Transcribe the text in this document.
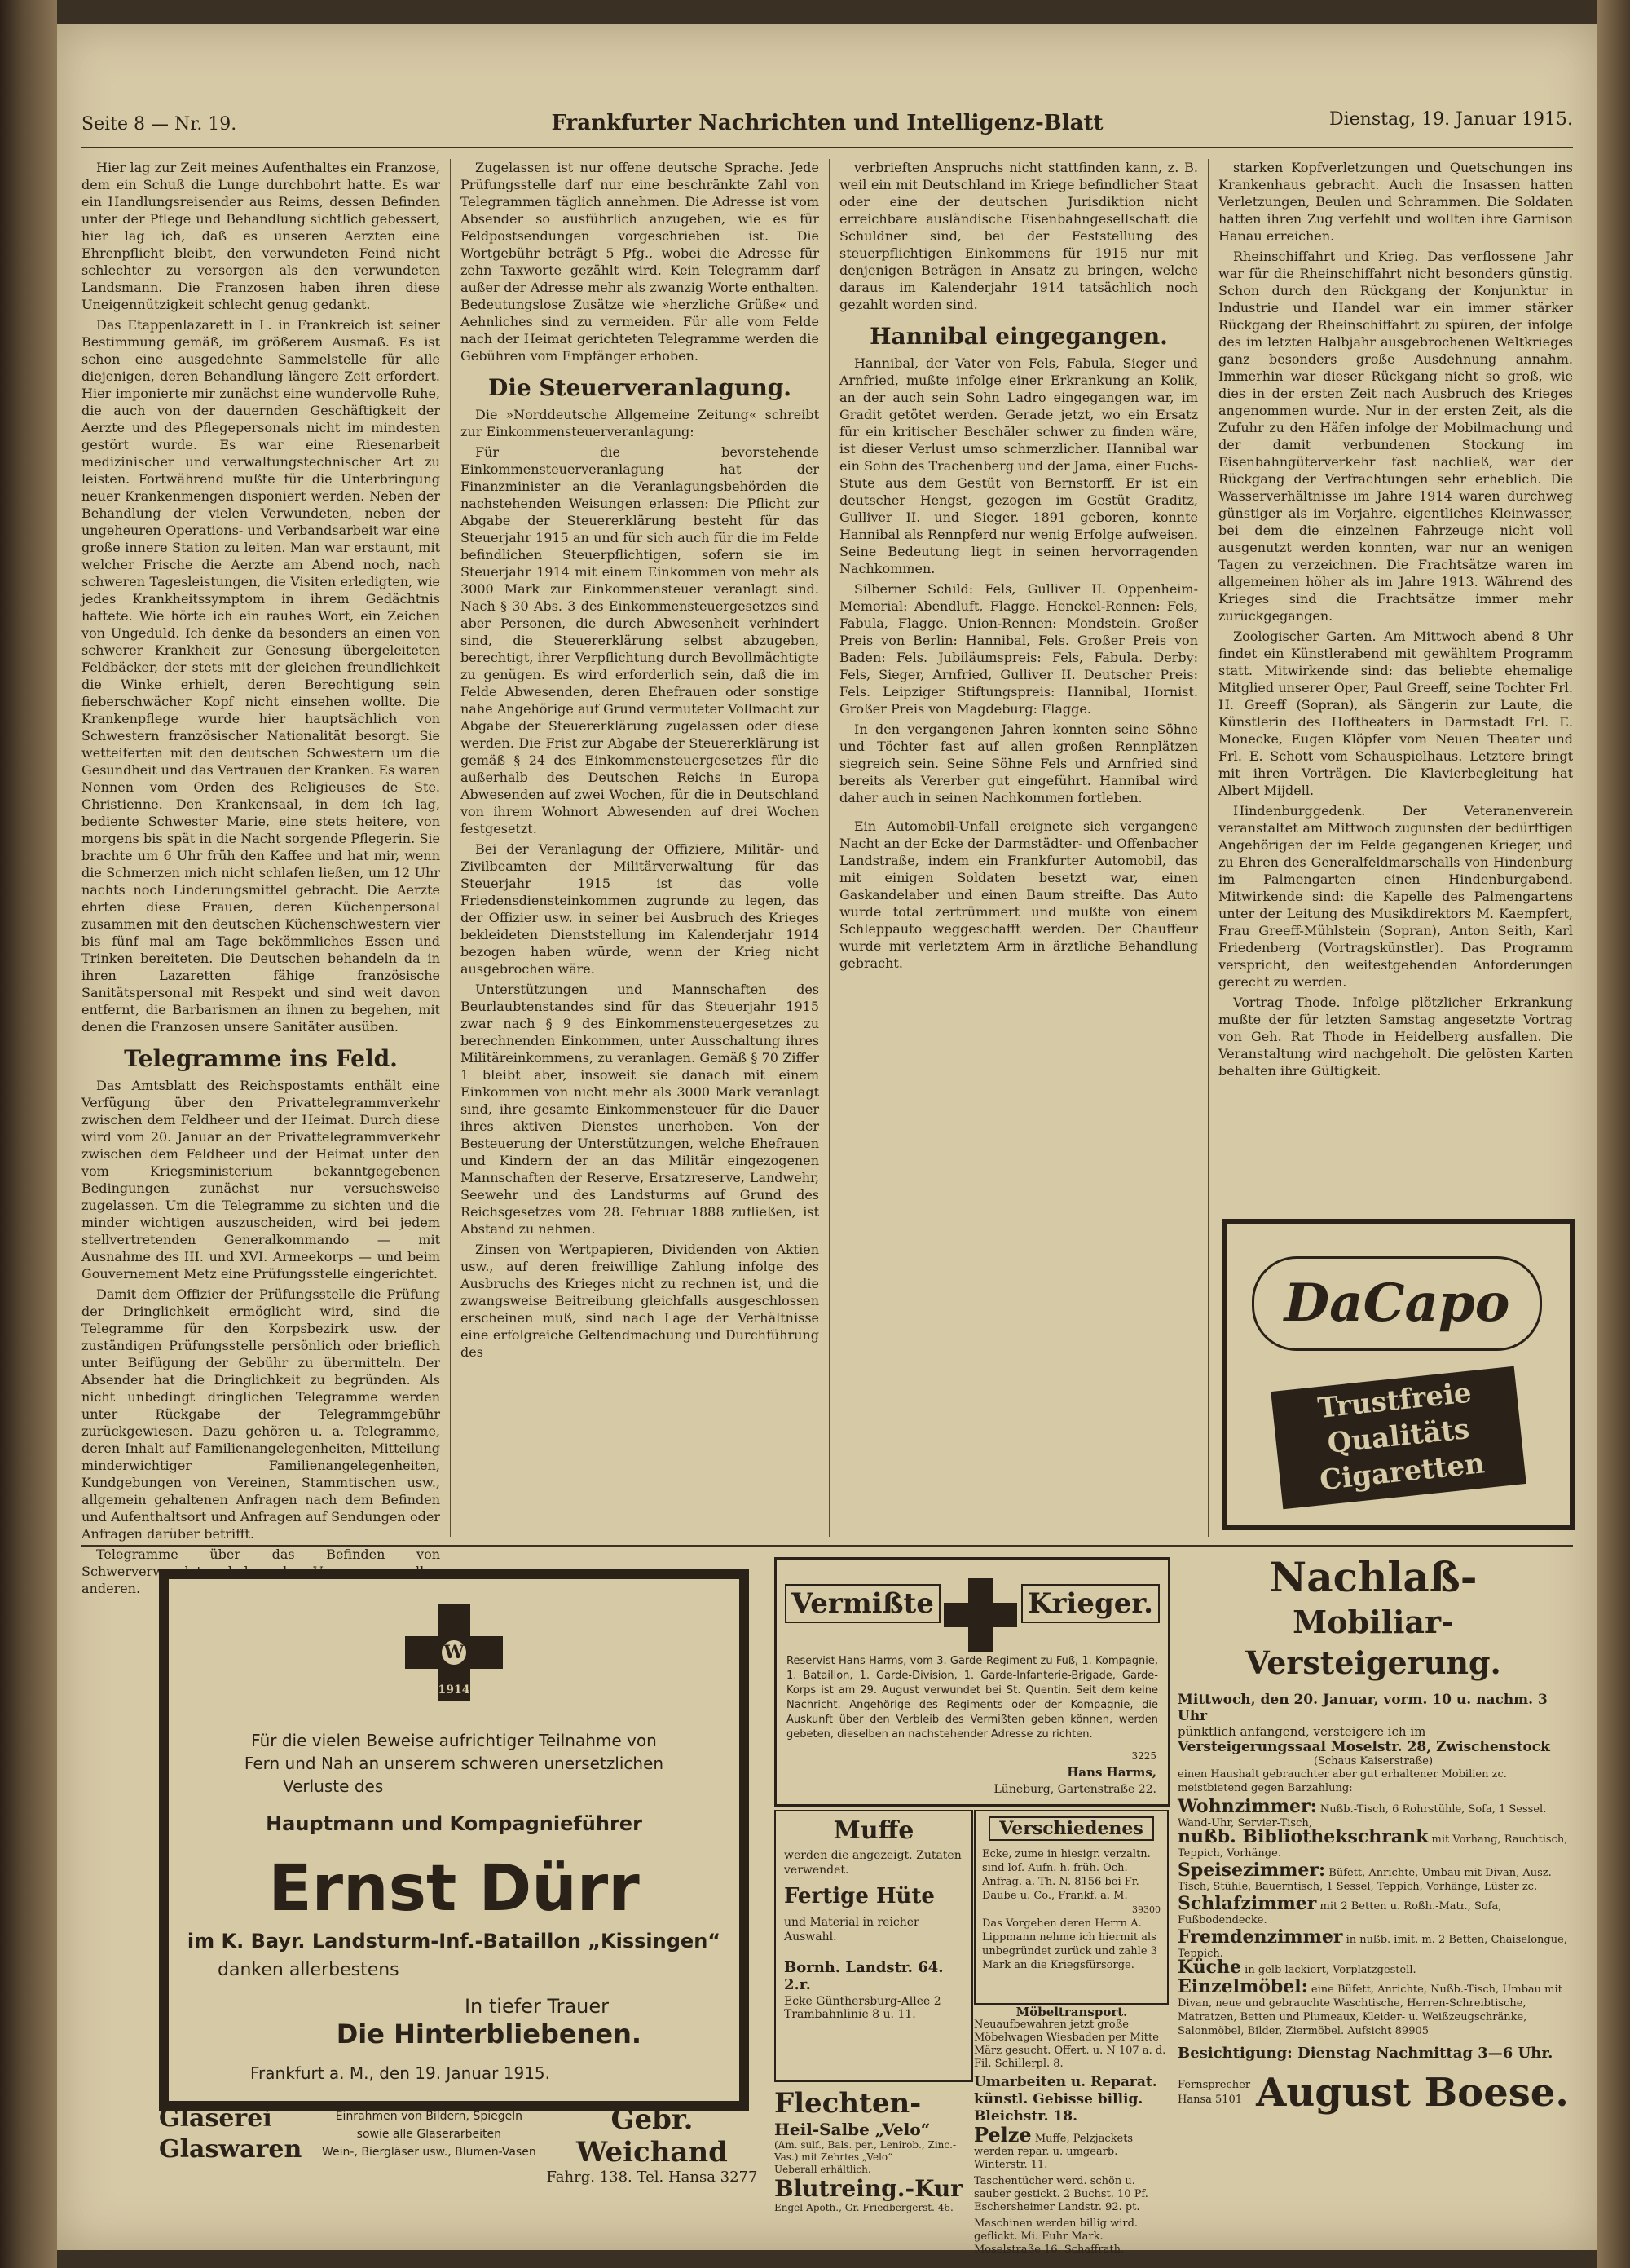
Seite 8 — Nr. 19.	Frankfurter Nachrichten und Intelligenz-Blatt	Dienstag, 19. Januar 1915.

Hier lag zur Zeit meines Aufenthaltes ein Franzose, dem ein Schuß die Lunge durchbohrt hatte. Es war ein Handlungsreisender aus Reims, dessen Befinden unter der Pflege und Behandlung sichtlich gebessert, hier lag ich, daß es unseren Aerzten eine Ehrenpflicht bleibt, den verwundeten Feind nicht schlechter zu versorgen als den verwundeten Landsmann. Die Franzosen haben ihren diese Uneigennützigkeit schlecht genug gedankt.

Das Etappenlazarett in L. in Frankreich ist seiner Bestimmung gemäß, im größerem Ausmaß. Es ist schon eine ausgedehnte Sammelstelle für alle diejenigen, deren Behandlung längere Zeit erfordert. Hier imponierte mir zunächst eine wundervolle Ruhe, die auch von der dauernden Geschäftigkeit der Aerzte und des Pflegepersonals nicht im mindesten gestört wurde. Es war eine Riesenarbeit medizinischer und verwaltungstechnischer Art zu leisten. Fortwährend mußte für die Unterbringung neuer Krankenmengen disponiert werden. Neben der Behandlung der vielen Verwundeten, neben der ungeheuren Operations- und Verbandsarbeit war eine große innere Station zu leiten. Man war erstaunt, mit welcher Frische die Aerzte am Abend noch, nach schweren Tagesleistungen, die Visiten erledigten, wie jedes Krankheitssymptom in ihrem Gedächtnis haftete. Wie hörte ich ein rauhes Wort, ein Zeichen von Ungeduld. Ich denke da besonders an einen von schwerer Krankheit zur Genesung übergeleiteten Feldbäcker, der stets mit der gleichen freundlichkeit die Winke erhielt, deren Berechtigung sein fieberschwächer Kopf nicht einsehen wollte. Die Krankenpflege wurde hier hauptsächlich von Schwestern französischer Nationalität besorgt. Sie wetteiferten mit den deutschen Schwestern um die Gesundheit und das Vertrauen der Kranken. Es waren Nonnen vom Orden des Religieuses de Ste. Christienne. Den Krankensaal, in dem ich lag, bediente Schwester Marie, eine stets heitere, von morgens bis spät in die Nacht sorgende Pflegerin. Sie brachte um 6 Uhr früh den Kaffee und hat mir, wenn die Schmerzen mich nicht schlafen ließen, um 12 Uhr nachts noch Linderungsmittel gebracht. Die Aerzte ehrten diese Frauen, deren Küchenpersonal zusammen mit den deutschen Küchenschwestern vier bis fünf mal am Tage bekömmliches Essen und Trinken bereiteten. Die Deutschen behandeln da in ihren Lazaretten fähige französische Sanitätspersonal mit Respekt und sind weit davon entfernt, die Barbarismen an ihnen zu begehen, mit denen die Franzosen unsere Sanitäter ausüben.

Telegramme ins Feld.

Das Amtsblatt des Reichspostamts enthält eine Verfügung über den Privattelegrammverkehr zwischen dem Feldheer und der Heimat. Durch diese wird vom 20. Januar an der Privattelegrammverkehr zwischen dem Feldheer und der Heimat unter den vom Kriegsministerium bekanntgegebenen Bedingungen zunächst nur versuchsweise zugelassen. Um die Telegramme zu sichten und die minder wichtigen auszuscheiden, wird bei jedem stellvertretenden Generalkommando — mit Ausnahme des III. und XVI. Armeekorps — und beim Gouvernement Metz eine Prüfungsstelle eingerichtet.

Damit dem Offizier der Prüfungsstelle die Prüfung der Dringlichkeit ermöglicht wird, sind die Telegramme für den Korpsbezirk usw. der zuständigen Prüfungsstelle persönlich oder brieflich unter Beifügung der Gebühr zu übermitteln. Der Absender hat die Dringlichkeit zu begründen. Als nicht unbedingt dringlichen Telegramme werden unter Rückgabe der Telegrammgebühr zurückgewiesen. Dazu gehören u. a. Telegramme, deren Inhalt auf Familienangelegenheiten, Mitteilung minderwichtiger Familienangelegenheiten, Kundgebungen von Vereinen, Stammtischen usw., allgemein gehaltenen Anfragen nach dem Befinden und Aufenthaltsort und Anfragen auf Sendungen oder Anfragen darüber betrifft.

Telegramme über das Befinden von Schwerverwundeten haben den Vorrang vor allen anderen.

Zugelassen ist nur offene deutsche Sprache. Jede Prüfungsstelle darf nur eine beschränkte Zahl von Telegrammen täglich annehmen. Die Adresse ist vom Absender so ausführlich anzugeben, wie es für Feldpostsendungen vorgeschrieben ist. Die Wortgebühr beträgt 5 Pfg., wobei die Adresse für zehn Taxworte gezählt wird. Kein Telegramm darf außer der Adresse mehr als zwanzig Worte enthalten. Bedeutungslose Zusätze wie »herzliche Grüße« und Aehnliches sind zu vermeiden. Für alle vom Felde nach der Heimat gerichteten Telegramme werden die Gebühren vom Empfänger erhoben.

Die Steuerveranlagung.

Die »Norddeutsche Allgemeine Zeitung« schreibt zur Einkommensteuerveranlagung:

Für die bevorstehende Einkommensteuerveranlagung hat der Finanzminister an die Veranlagungsbehörden die nachstehenden Weisungen erlassen: Die Pflicht zur Abgabe der Steuererklärung besteht für das Steuerjahr 1915 an und für sich auch für die im Felde befindlichen Steuerpflichtigen, sofern sie im Steuerjahr 1914 mit einem Einkommen von mehr als 3000 Mark zur Einkommensteuer veranlagt sind. Nach § 30 Abs. 3 des Einkommensteuergesetzes sind aber Personen, die durch Abwesenheit verhindert sind, die Steuererklärung selbst abzugeben, berechtigt, ihrer Verpflichtung durch Bevollmächtigte zu genügen. Es wird erforderlich sein, daß die im Felde Abwesenden, deren Ehefrauen oder sonstige nahe Angehörige auf Grund vermuteter Vollmacht zur Abgabe der Steuererklärung zugelassen oder diese werden. Die Frist zur Abgabe der Steuererklärung ist gemäß § 24 des Einkommensteuergesetzes für die außerhalb des Deutschen Reichs in Europa Abwesenden auf zwei Wochen, für die in Deutschland von ihrem Wohnort Abwesenden auf drei Wochen festgesetzt.

Bei der Veranlagung der Offiziere, Militär- und Zivilbeamten der Militärverwaltung für das Steuerjahr 1915 ist das volle Friedensdiensteinkommen zugrunde zu legen, das der Offizier usw. in seiner bei Ausbruch des Krieges bekleideten Dienststellung im Kalenderjahr 1914 bezogen haben würde, wenn der Krieg nicht ausgebrochen wäre.

Unterstützungen und Mannschaften des Beurlaubtenstandes sind für das Steuerjahr 1915 zwar nach § 9 des Einkommensteuergesetzes zu berechnenden Einkommen, unter Ausschaltung ihres Militäreinkommens, zu veranlagen. Gemäß § 70 Ziffer 1 bleibt aber, insoweit sie danach mit einem Einkommen von nicht mehr als 3000 Mark veranlagt sind, ihre gesamte Einkommensteuer für die Dauer ihres aktiven Dienstes unerhoben. Von der Besteuerung der Unterstützungen, welche Ehefrauen und Kindern der an das Militär eingezogenen Mannschaften der Reserve, Ersatzreserve, Landwehr, Seewehr und des Landsturms auf Grund des Reichsgesetzes vom 28. Februar 1888 zufließen, ist Abstand zu nehmen.

Zinsen von Wertpapieren, Dividenden von Aktien usw., auf deren freiwillige Zahlung infolge des Ausbruchs des Krieges nicht zu rechnen ist, und die zwangsweise Beitreibung gleichfalls ausgeschlossen erscheinen muß, sind nach Lage der Verhältnisse eine erfolgreiche Geltendmachung und Durchführung des

verbrieften Anspruchs nicht stattfinden kann, z. B. weil ein mit Deutschland im Kriege befindlicher Staat oder eine der deutschen Jurisdiktion nicht erreichbare ausländische Eisenbahngesellschaft die Schuldner sind, bei der Feststellung des steuerpflichtigen Einkommens für 1915 nur mit denjenigen Beträgen in Ansatz zu bringen, welche daraus im Kalenderjahr 1914 tatsächlich noch gezahlt worden sind.

Hannibal eingegangen.

Hannibal, der Vater von Fels, Fabula, Sieger und Arnfried, mußte infolge einer Erkrankung an Kolik, an der auch sein Sohn Ladro eingegangen war, im Gradit getötet werden. Gerade jetzt, wo ein Ersatz für ein kritischer Beschäler schwer zu finden wäre, ist dieser Verlust umso schmerzlicher. Hannibal war ein Sohn des Trachenberg und der Jama, einer Fuchs-Stute aus dem Gestüt von Bernstorff. Er ist ein deutscher Hengst, gezogen im Gestüt Graditz, Gulliver II. und Sieger. 1891 geboren, konnte Hannibal als Rennpferd nur wenig Erfolge aufweisen. Seine Bedeutung liegt in seinen hervorragenden Nachkommen.

Silberner Schild: Fels, Gulliver II. Oppenheim-Memorial: Abendluft, Flagge. Henckel-Rennen: Fels, Fabula, Flagge. Union-Rennen: Mondstein. Großer Preis von Berlin: Hannibal, Fels. Großer Preis von Baden: Fels. Jubiläumspreis: Fels, Fabula. Derby: Fels, Sieger, Arnfried, Gulliver II. Deutscher Preis: Fels. Leipziger Stiftungspreis: Hannibal, Hornist. Großer Preis von Magdeburg: Flagge.

In den vergangenen Jahren konnten seine Söhne und Töchter fast auf allen großen Rennplätzen siegreich sein. Seine Söhne Fels und Arnfried sind bereits als Vererber gut eingeführt. Hannibal wird daher auch in seinen Nachkommen fortleben.

Ein Automobil-Unfall ereignete sich vergangene Nacht an der Ecke der Darmstädter- und Offenbacher Landstraße, indem ein Frankfurter Automobil, das mit einigen Soldaten besetzt war, einen Gaskandelaber und einen Baum streifte. Das Auto wurde total zertrümmert und mußte von einem Schleppauto weggeschafft werden. Der Chauffeur wurde mit verletztem Arm in ärztliche Behandlung gebracht.

starken Kopfverletzungen und Quetschungen ins Krankenhaus gebracht. Auch die Insassen hatten Verletzungen, Beulen und Schrammen. Die Soldaten hatten ihren Zug verfehlt und wollten ihre Garnison Hanau erreichen.

Rheinschiffahrt und Krieg. Das verflossene Jahr war für die Rheinschiffahrt nicht besonders günstig. Schon durch den Rückgang der Konjunktur in Industrie und Handel war ein immer stärker Rückgang der Rheinschiffahrt zu spüren, der infolge des im letzten Halbjahr ausgebrochenen Weltkrieges ganz besonders große Ausdehnung annahm. Immerhin war dieser Rückgang nicht so groß, wie dies in der ersten Zeit nach Ausbruch des Krieges angenommen wurde. Nur in der ersten Zeit, als die Zufuhr zu den Häfen infolge der Mobilmachung und der damit verbundenen Stockung im Eisenbahngüterverkehr fast nachließ, war der Rückgang der Verfrachtungen sehr erheblich. Die Wasserverhältnisse im Jahre 1914 waren durchweg günstiger als im Vorjahre, eigentliches Kleinwasser, bei dem die einzelnen Fahrzeuge nicht voll ausgenutzt werden konnten, war nur an wenigen Tagen zu verzeichnen. Die Frachtsätze waren im allgemeinen höher als im Jahre 1913. Während des Krieges sind die Frachtsätze immer mehr zurückgegangen.

Zoologischer Garten. Am Mittwoch abend 8 Uhr findet ein Künstlerabend mit gewähltem Programm statt. Mitwirkende sind: das beliebte ehemalige Mitglied unserer Oper, Paul Greeff, seine Tochter Frl. H. Greeff (Sopran), als Sängerin zur Laute, die Künstlerin des Hoftheaters in Darmstadt Frl. E. Monecke, Eugen Klöpfer vom Neuen Theater und Frl. E. Schott vom Schauspielhaus. Letztere bringt mit ihren Vorträgen. Die Klavierbegleitung hat Albert Mijdell.

Hindenburggedenk. Der Veteranenverein veranstaltet am Mittwoch zugunsten der bedürftigen Angehörigen der im Felde gegangenen Krieger, und zu Ehren des Generalfeldmarschalls von Hindenburg im Palmengarten einen Hindenburgabend. Mitwirkende sind: die Kapelle des Palmengartens unter der Leitung des Musikdirektors M. Kaempfert, Frau Greeff-Mühlstein (Sopran), Anton Seith, Karl Friedenberg (Vortragskünstler). Das Programm verspricht, den weitestgehenden Anforderungen gerecht zu werden.

Vortrag Thode. Infolge plötzlicher Erkrankung mußte der für letzten Samstag angesetzte Vortrag von Geh. Rat Thode in Heidelberg ausfallen. Die Veranstaltung wird nachgeholt. Die gelösten Karten behalten ihre Gültigkeit.

DaCapo
Trustfreie
Qualitäts
Cigaretten
W
1914
Für die vielen Beweise aufrichtiger Teilnahme von
Fern und Nah an unserem schweren unersetzlichen
Verluste des
Hauptmann und Kompagnieführer
Ernst Dürr
im K. Bayr. Landsturm-Inf.-Bataillon „Kissingen“
danken allerbestens
In tiefer Trauer
Die Hinterbliebenen.
Frankfurt a. M., den 19. Januar 1915.
Glaserei
Glaswaren
Einrahmen von Bildern, Spiegeln
sowie alle Glaserarbeiten
Wein-, Biergläser usw., Blumen-Vasen
Gebr. Weichand
Fahrg. 138. Tel. Hansa 3277
Vermißte	Krieger.
Reservist Hans Harms, vom 3. Garde-Regiment zu Fuß, 1. Kompagnie, 1. Bataillon, 1. Garde-Division, 1. Garde-Infanterie-Brigade, Garde-Korps ist am 29. August verwundet bei St. Quentin. Seit dem keine Nachricht. Angehörige des Regiments oder der Kompagnie, die Auskunft über den Verbleib des Vermißten geben können, werden gebeten, dieselben an nachstehender Adresse zu richten.
Hans Harms,
Lüneburg, Gartenstraße 22.
3225
Muffe
werden die angezeigt. Zutaten verwendet.
Fertige Hüte
und Material in reicher Auswahl.
Bornh. Landstr. 64. 2.r.
Ecke Günthersburg-Allee 2
Trambahnlinie 8 u. 11.
Verschiedenes
Ecke, zume in hiesigr. verzaltn. sind lof. Aufn. h. früh. Och. Anfrag. a. Th. N. 8156 bei Fr. Daube u. Co., Frankf. a. M.
39300
Das Vorgehen deren Herrn A. Lippmann nehme ich hiermit als unbegründet zurück und zahle 3 Mark an die Kriegsfürsorge.
Flechten-
Heil-Salbe „Velo“
(Am. sulf., Bals. per., Lenirob., Zinc.-Vas.) mit Zehrtes „Velo“
Ueberall erhältlich.
Blutreing.-Kur
Engel-Apoth., Gr. Friedbergerst. 46.
Möbeltransport.
Neuaufbewahren jetzt große Möbelwagen Wiesbaden per Mitte März gesucht. Offert. u. N 107 a. d. Fil. Schillerpl. 8.
Umarbeiten u. Reparat. künstl. Gebisse billig. Bleichstr. 18.
Pelze Muffe, Pelzjackets werden repar. u. umgearb. Winterstr. 11.
Taschentücher werd. schön u. sauber gestickt. 2 Buchst. 10 Pf. Eschersheimer Landstr. 92. pt.
Maschinen werden billig wird. geflickt. Mi. Fuhr Mark. Moselstraße 16. Schaffrath.
Nachlaß-
Mobiliar-Versteigerung.
Mittwoch, den 20. Januar, vorm. 10 u. nachm. 3 Uhr
pünktlich anfangend, versteigere ich im
Versteigerungssaal Moselstr. 28, Zwischenstock
(Schaus Kaiserstraße)
einen Haushalt gebrauchter aber gut erhaltener Mobilien zc. meistbietend gegen Barzahlung:
Wohnzimmer: Nußb.-Tisch, 6 Rohrstühle, Sofa, 1 Sessel. Wand-Uhr, Servier-Tisch,
nußb. Bibliothekschrank mit Vorhang, Rauchtisch, Teppich, Vorhänge.
Speisezimmer: Büfett, Anrichte, Umbau mit Divan, Ausz.-Tisch, Stühle, Bauerntisch, 1 Sessel, Teppich, Vorhänge, Lüster zc.
Schlafzimmer mit 2 Betten u. Roßh.-Matr., Sofa, Fußbodendecke.
Fremdenzimmer in nußb. imit. m. 2 Betten, Chaiselongue, Teppich.
Küche in gelb lackiert, Vorplatzgestell.
Einzelmöbel: eine Büfett, Anrichte, Nußb.-Tisch, Umbau mit Divan, neue und gebrauchte Waschtische, Herren-Schreibtische, Matratzen, Betten und Plumeaux, Kleider- u. Weißzeugschränke, Salonmöbel, Bilder, Ziermöbel. Aufsicht 89905
Besichtigung: Dienstag Nachmittag 3—6 Uhr.
Fernsprecher
Hansa 5101 August Boese.
